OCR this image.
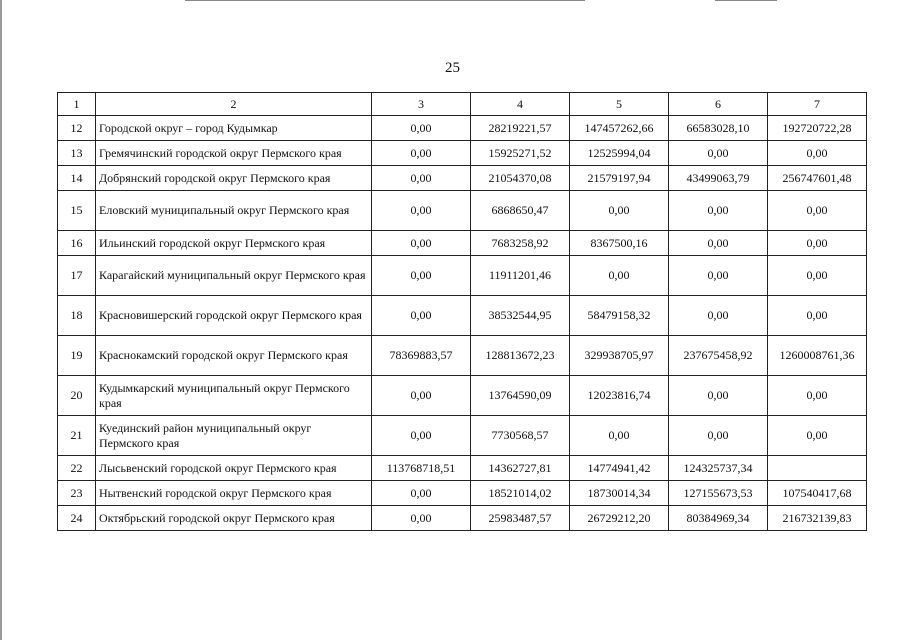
25
1	2	3	4	5	6	7
12	Городской округ – город Кудымкар	0,00	28219221,57	147457262,66	66583028,10	192720722,28
13	Гремячинский городской округ Пермского края	0,00	15925271,52	12525994,04	0,00	0,00
14	Добрянский городской округ Пермского края	0,00	21054370,08	21579197,94	43499063,79	256747601,48
15	Еловский муниципальный округ Пермского края	0,00	6868650,47	0,00	0,00	0,00
16	Ильинский городской округ Пермского края	0,00	7683258,92	8367500,16	0,00	0,00
17	Карагайский муниципальный округ Пермского края	0,00	11911201,46	0,00	0,00	0,00
18	Красновишерский городской округ Пермского края	0,00	38532544,95	58479158,32	0,00	0,00
19	Краснокамский городской округ Пермского края	78369883,57	128813672,23	329938705,97	237675458,92	1260008761,36
20	Кудымкарский муниципальный округ Пермского края	0,00	13764590,09	12023816,74	0,00	0,00
21	Куединский район муниципальный округ Пермского края	0,00	7730568,57	0,00	0,00	0,00
22	Лысьвенский городской округ Пермского края	113768718,51	14362727,81	14774941,42	124325737,34	
23	Нытвенский городской округ Пермского края	0,00	18521014,02	18730014,34	127155673,53	107540417,68
24	Октябрьский городской округ Пермского края	0,00	25983487,57	26729212,20	80384969,34	216732139,83
